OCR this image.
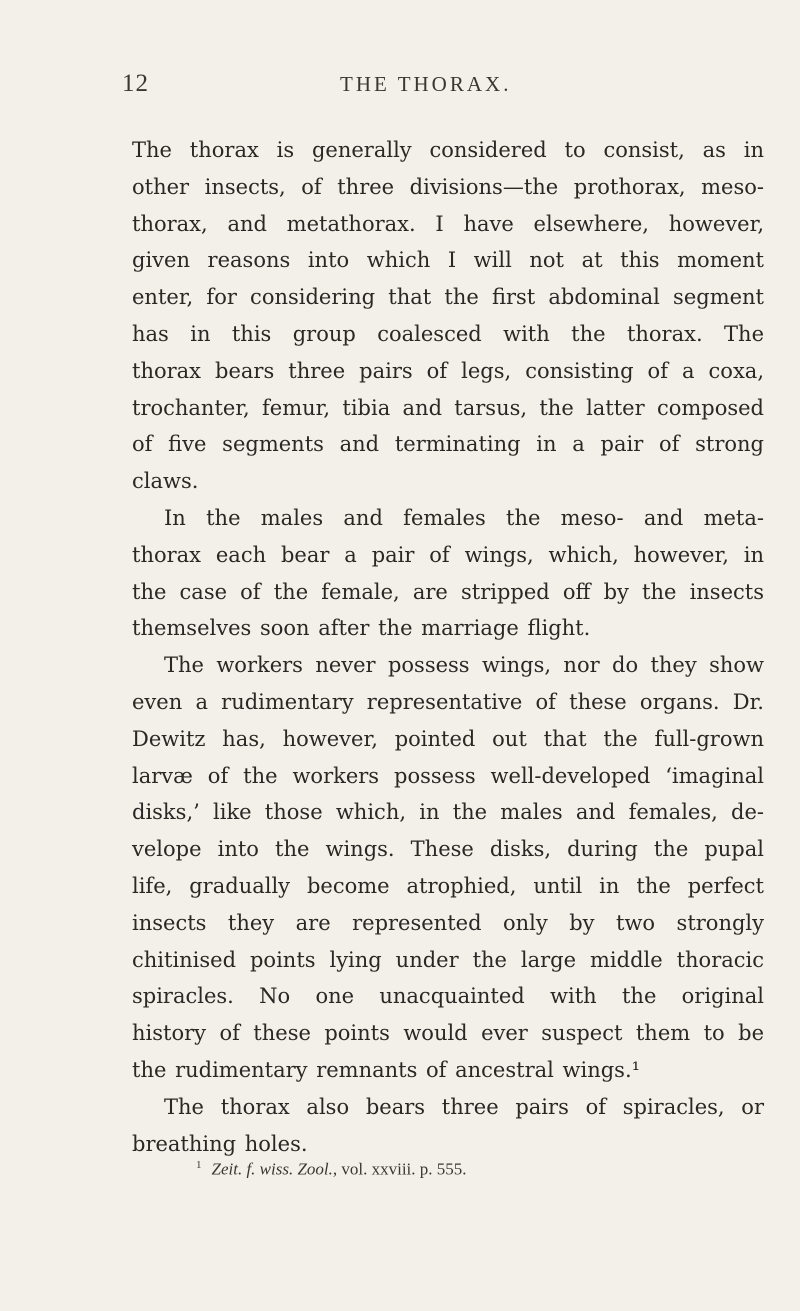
12	THE THORAX.
The thorax is generally considered to consist, as in
other insects, of three divisions—the prothorax, meso-
thorax, and metathorax. I have elsewhere, however,
given reasons into which I will not at this moment
enter, for considering that the first abdominal segment
has in this group coalesced with the thorax. The
thorax bears three pairs of legs, consisting of a coxa,
trochanter, femur, tibia and tarsus, the latter composed
of five segments and terminating in a pair of strong
claws.
In the males and females the meso- and meta-
thorax each bear a pair of wings, which, however, in
the case of the female, are stripped off by the insects
themselves soon after the marriage flight.
The workers never possess wings, nor do they show
even a rudimentary representative of these organs. Dr.
Dewitz has, however, pointed out that the full-grown
larvæ of the workers possess well-developed ‘imaginal
disks,’ like those which, in the males and females, de-
velope into the wings. These disks, during the pupal
life, gradually become atrophied, until in the perfect
insects they are represented only by two strongly
chitinised points lying under the large middle thoracic
spiracles. No one unacquainted with the original
history of these points would ever suspect them to be
the rudimentary remnants of ancestral wings.¹
The thorax also bears three pairs of spiracles, or
breathing holes.
$^1$ Zeit. f. wiss. Zool., vol. xxviii. p. 555.
